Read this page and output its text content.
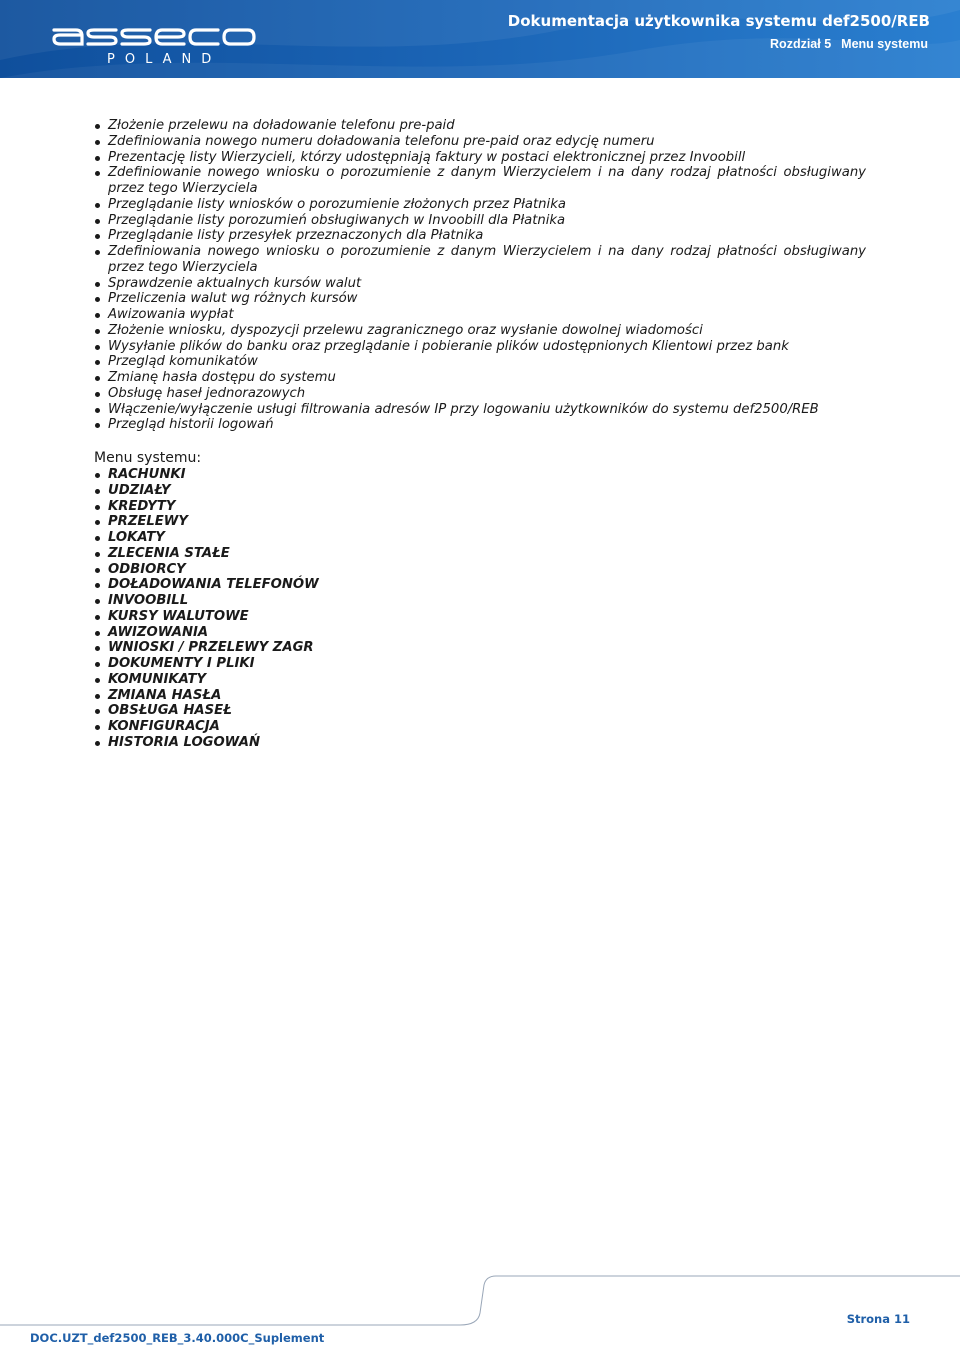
POLAND
Dokumentacja użytkownika systemu def2500/REB
Rozdział 5 Menu systemu
Złożenie przelewu na doładowanie telefonu pre-paid
Zdefiniowania nowego numeru doładowania telefonu pre-paid oraz edycję numeru
Prezentację listy Wierzycieli, którzy udostępniają faktury w postaci elektronicznej przez Invoobill
Zdefiniowanie nowego wniosku o porozumienie z danym Wierzycielem i na dany rodzaj płatności obsługiwany przez tego Wierzyciela
Przeglądanie listy wniosków o porozumienie złożonych przez Płatnika
Przeglądanie listy porozumień obsługiwanych w Invoobill dla Płatnika
Przeglądanie listy przesyłek przeznaczonych dla Płatnika
Zdefiniowania nowego wniosku o porozumienie z danym Wierzycielem i na dany rodzaj płatności obsługiwany przez tego Wierzyciela
Sprawdzenie aktualnych kursów walut
Przeliczenia walut wg różnych kursów
Awizowania wypłat
Złożenie wniosku, dyspozycji przelewu zagranicznego oraz wysłanie dowolnej wiadomości
Wysyłanie plików do banku oraz przeglądanie i pobieranie plików udostępnionych Klientowi przez bank
Przegląd komunikatów
Zmianę hasła dostępu do systemu
Obsługę haseł jednorazowych
Włączenie/wyłączenie usługi filtrowania adresów IP przy logowaniu użytkowników do systemu def2500/REB
Przegląd historii logowań
Menu systemu:
RACHUNKI
UDZIAŁY
KREDYTY
PRZELEWY
LOKATY
ZLECENIA STAŁE
ODBIORCY
DOŁADOWANIA TELEFONÓW
INVOOBILL
KURSY WALUTOWE
AWIZOWANIA
WNIOSKI / PRZELEWY ZAGR
DOKUMENTY I PLIKI
KOMUNIKATY
ZMIANA HASŁA
OBSŁUGA HASEŁ
KONFIGURACJA
HISTORIA LOGOWAŃ
Strona 11
DOC.UZT_def2500_REB_3.40.000C_Suplement
